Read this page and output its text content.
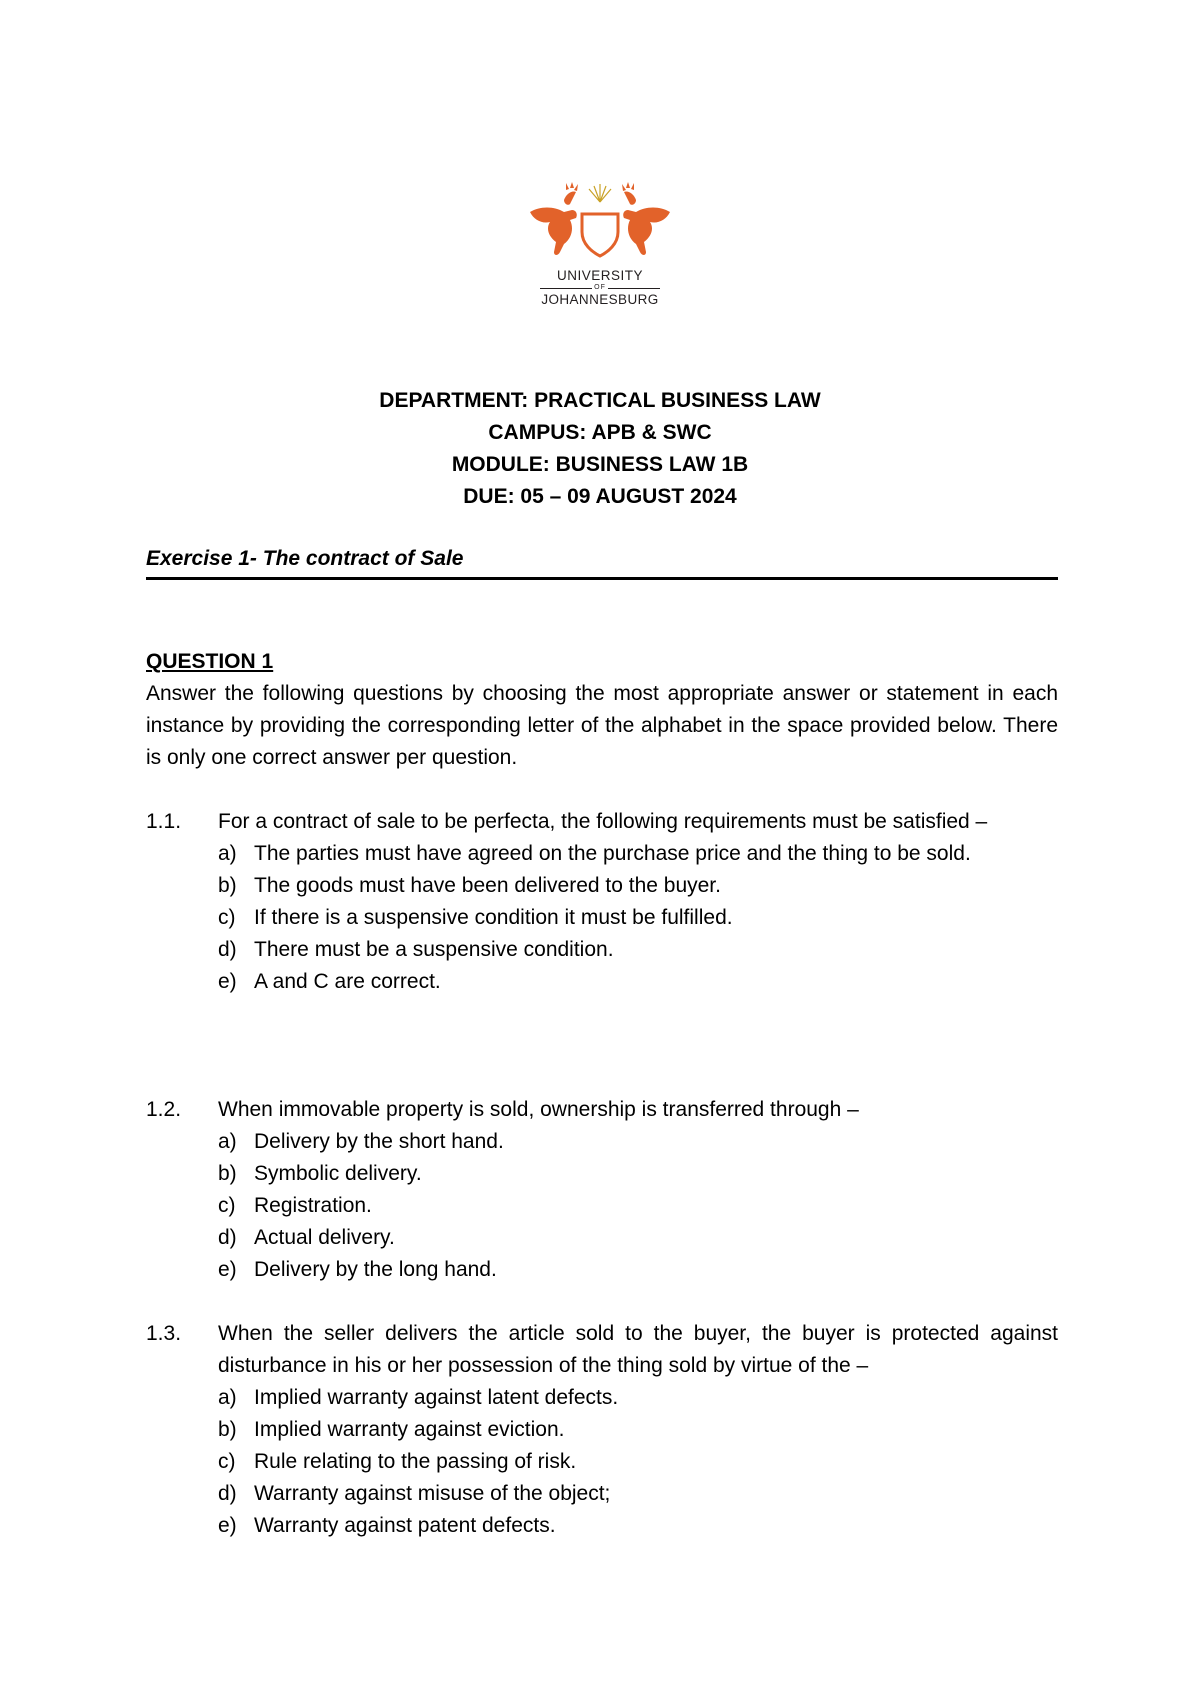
UNIVERSITY
OF
JOHANNESBURG
DEPARTMENT: PRACTICAL BUSINESS LAW
CAMPUS: APB & SWC
MODULE: BUSINESS LAW 1B
DUE: 05 – 09 AUGUST 2024
Exercise 1- The contract of Sale
QUESTION 1
Answer the following questions by choosing the most appropriate answer or statement in each instance by providing the corresponding letter of the alphabet in the space provided below. There is only one correct answer per question.
1.1.	For a contract of sale to be perfecta, the following requirements must be satisfied –
a) The parties must have agreed on the purchase price and the thing to be sold.
b) The goods must have been delivered to the buyer.
c) If there is a suspensive condition it must be fulfilled.
d) There must be a suspensive condition.
e) A and C are correct.
1.2.	When immovable property is sold, ownership is transferred through –
a) Delivery by the short hand.
b) Symbolic delivery.
c) Registration.
d) Actual delivery.
e) Delivery by the long hand.
1.3.	When the seller delivers the article sold to the buyer, the buyer is protected against disturbance in his or her possession of the thing sold by virtue of the –
a) Implied warranty against latent defects.
b) Implied warranty against eviction.
c) Rule relating to the passing of risk.
d) Warranty against misuse of the object;
e) Warranty against patent defects.
